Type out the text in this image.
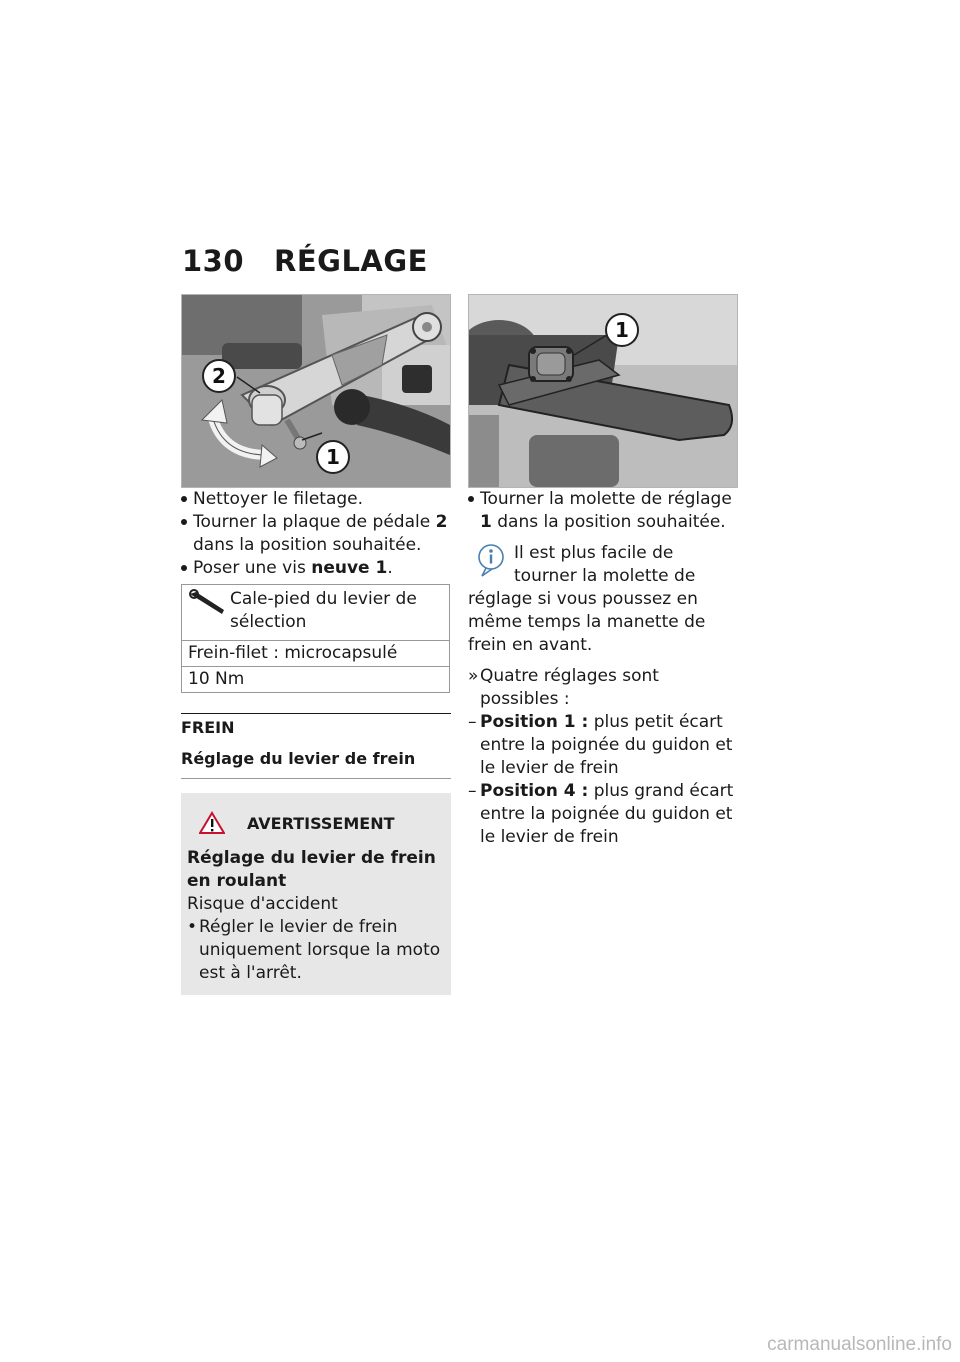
130 RÉGLAGE
1
2
1
Nettoyer le filetage.
Tourner la plaque de pédale 2 dans la position souhaitée.
Poser une vis neuve 1.
Cale-pied du levier de sélection
Frein-filet : microcapsulé
10 Nm
FREIN
Réglage du levier de frein
AVERTISSEMENT
Réglage du levier de frein en roulant
Risque d'accident
• Régler le levier de frein uniquement lorsque la moto est à l'arrêt.
Tourner la molette de réglage 1 dans la position souhaitée.
Il est plus facile de tourner la molette de réglage si vous poussez en même temps la manette de frein en avant.
» Quatre réglages sont possibles :
– Position 1 : plus petit écart entre la poignée du guidon et le levier de frein
– Position 4 : plus grand écart entre la poignée du guidon et le levier de frein
carmanualsonline.info
